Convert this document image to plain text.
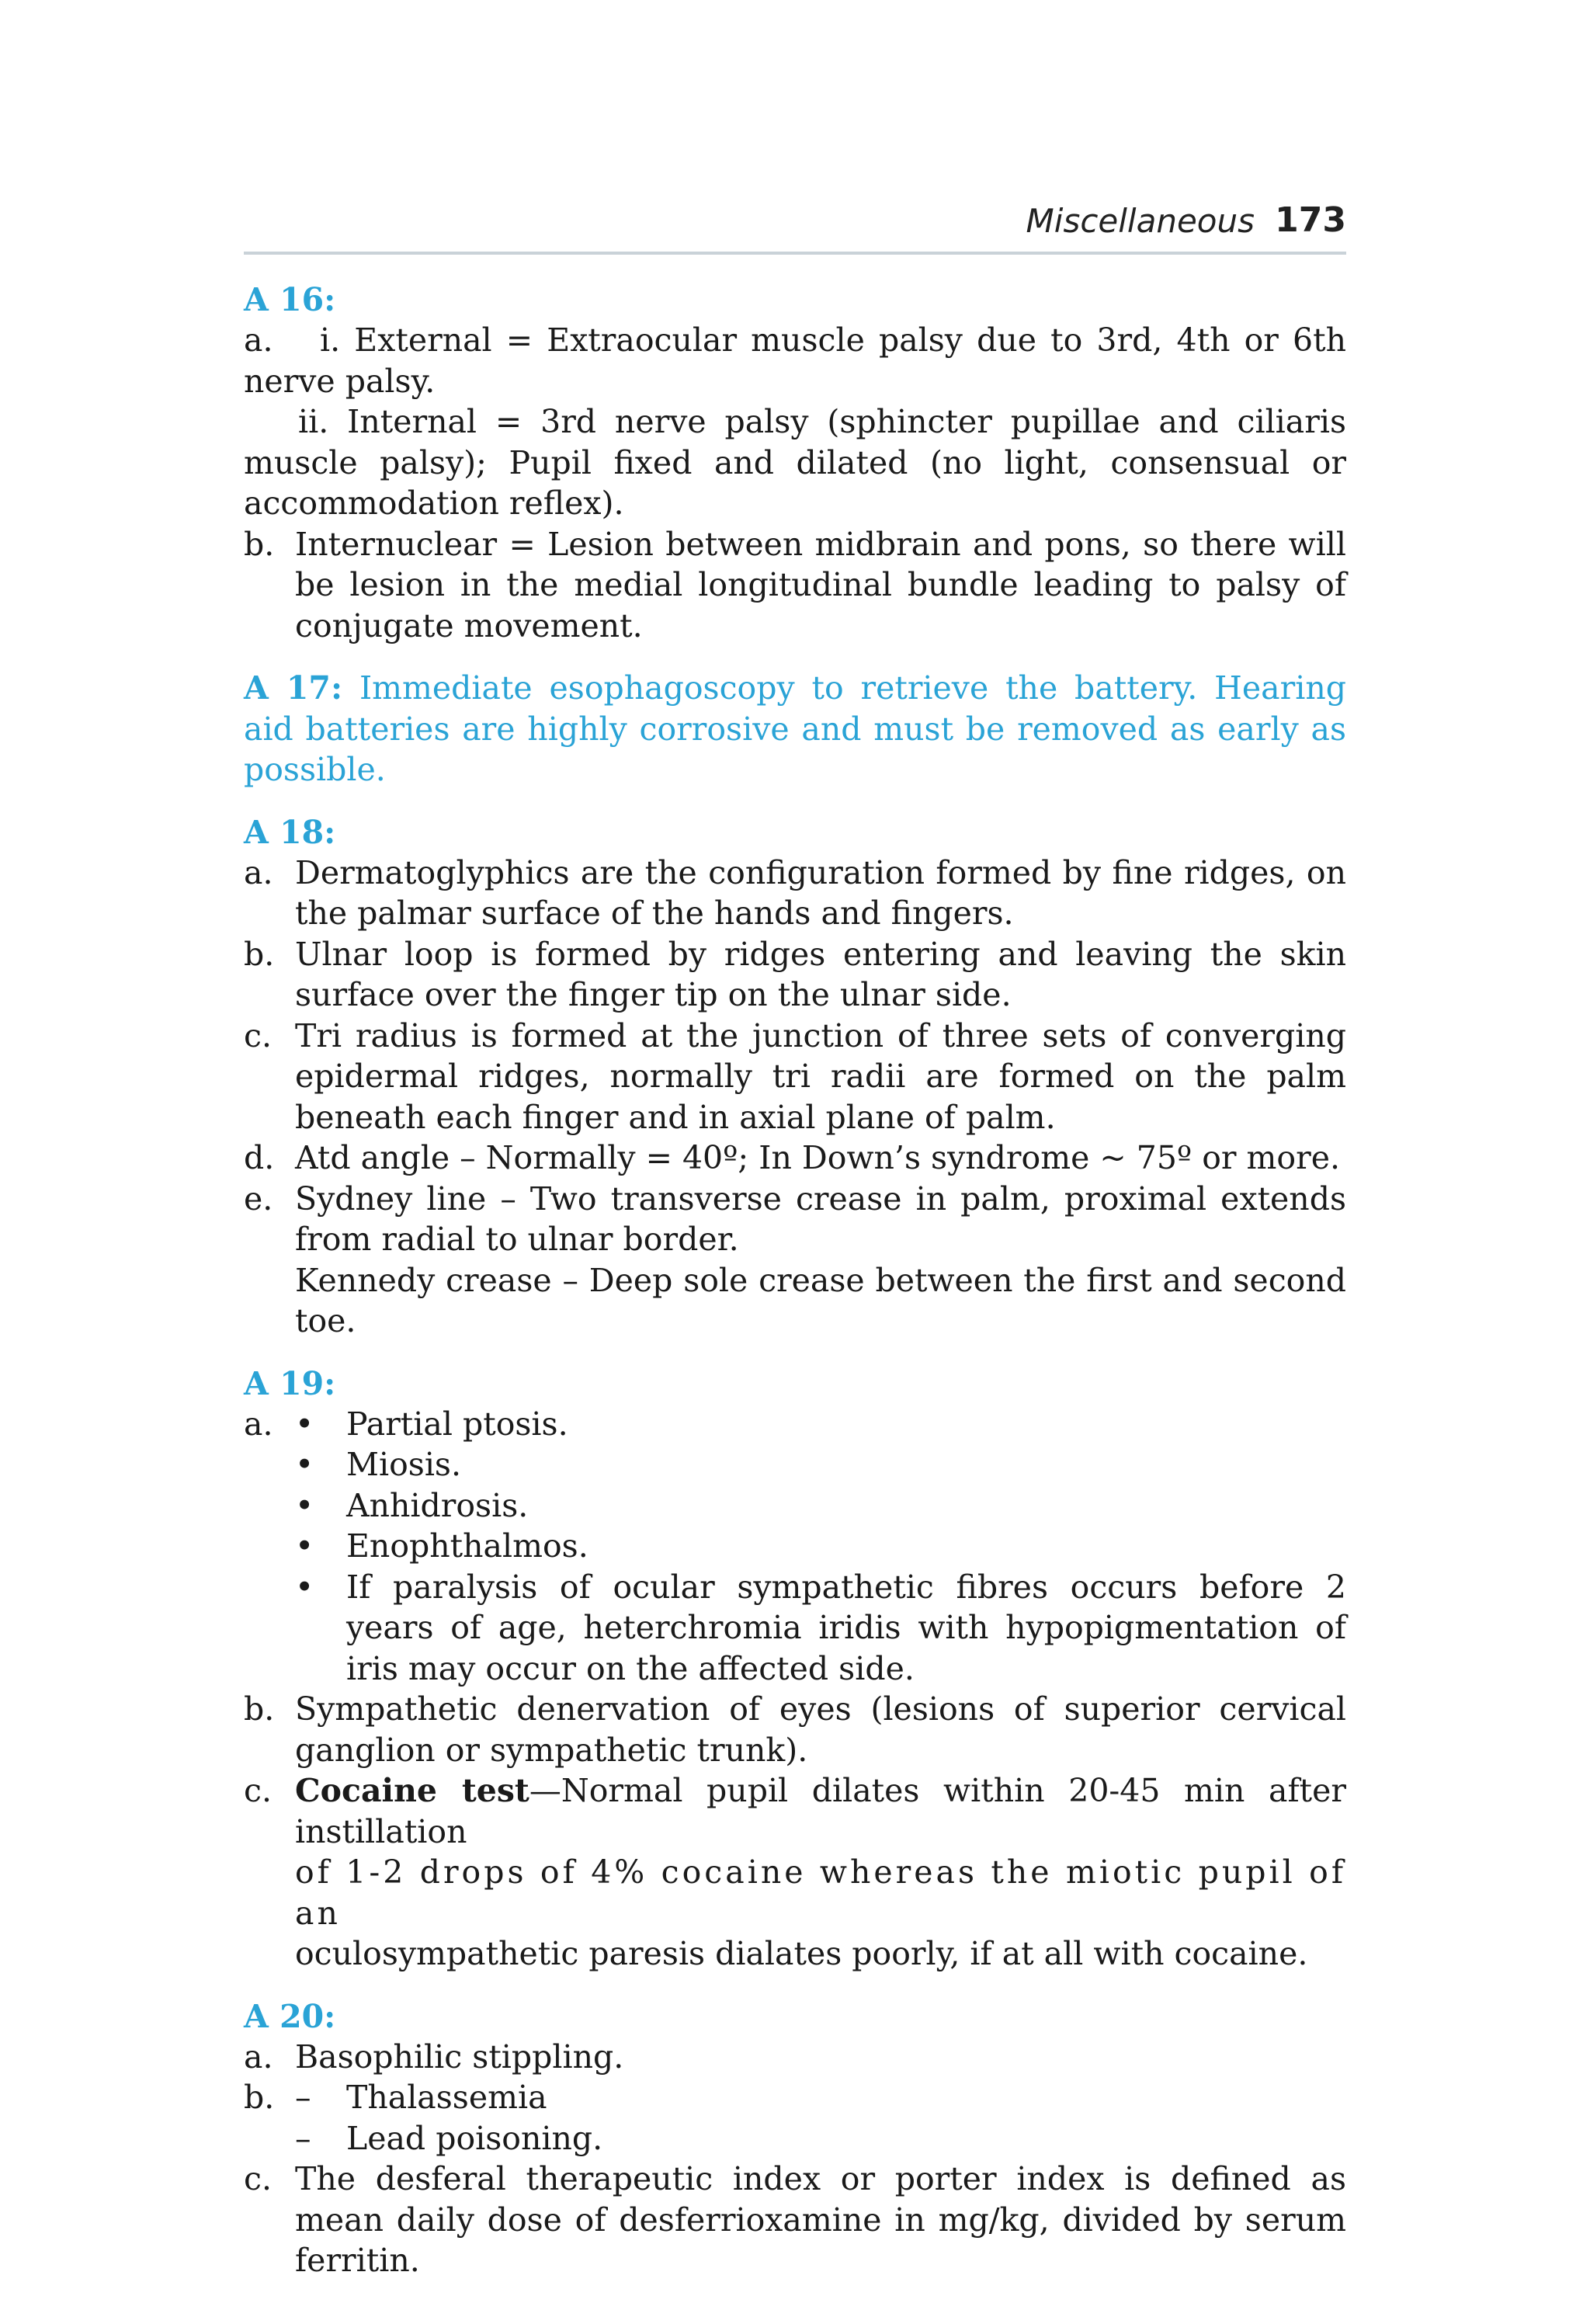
Miscellaneous 173
A 16:
a. i. External = Extraocular muscle palsy due to 3rd, 4th or 6th nerve palsy.
ii. Internal = 3rd nerve palsy (sphincter pupillae and ciliaris muscle palsy); Pupil fixed and dilated (no light, consensual or accommodation reflex).
b. Internuclear = Lesion between midbrain and pons, so there will be lesion in the medial longitudinal bundle leading to palsy of conjugate movement.
A 17: Immediate esophagoscopy to retrieve the battery. Hearing aid batteries are highly corrosive and must be removed as early as possible.
A 18:
a. Dermatoglyphics are the configuration formed by fine ridges, on the palmar surface of the hands and fingers.
b. Ulnar loop is formed by ridges entering and leaving the skin surface over the finger tip on the ulnar side.
c. Tri radius is formed at the junction of three sets of converging epidermal ridges, normally tri radii are formed on the palm beneath each finger and in axial plane of palm.
d. Atd angle – Normally = 40º; In Down’s syndrome ~ 75º or more.
e. Sydney line – Two transverse crease in palm, proximal extends from radial to ulnar border.
Kennedy crease – Deep sole crease between the first and second toe.
A 19:
a. • Partial ptosis.
• Miosis.
• Anhidrosis.
• Enophthalmos.
• If paralysis of ocular sympathetic fibres occurs before 2 years of age, heterchromia iridis with hypopigmentation of iris may occur on the affected side.
b. Sympathetic denervation of eyes (lesions of superior cervical ganglion or sympathetic trunk).
c. Cocaine test—Normal pupil dilates within 20-45 min after instillation
of 1-2 drops of 4% cocaine whereas the miotic pupil of an
oculosympathetic paresis dialates poorly, if at all with cocaine.
A 20:
a. Basophilic stippling.
b. – Thalassemia
– Lead poisoning.
c. The desferal therapeutic index or porter index is defined as mean daily dose of desferrioxamine in mg/kg, divided by serum ferritin.
